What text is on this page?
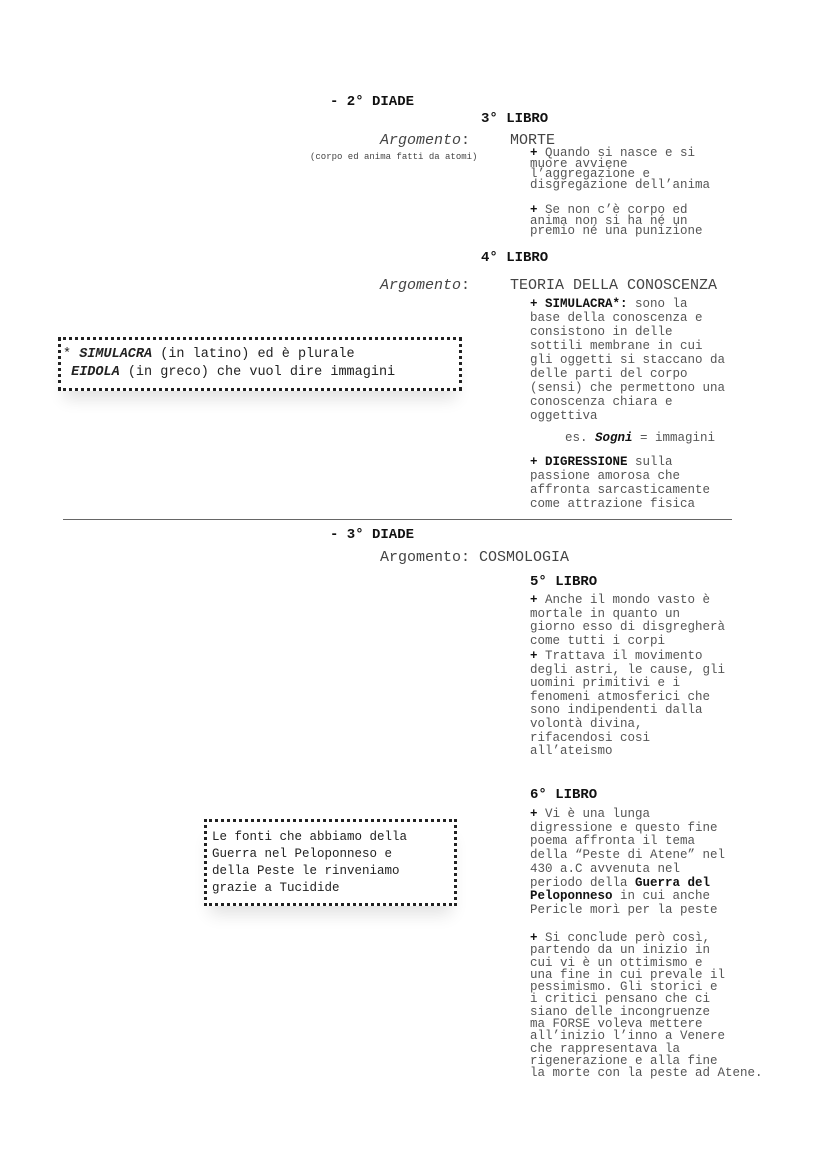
- 2° DIADE
3° LIBRO
Argomento:	MORTE
(corpo ed anima fatti da atomi)	+ Quando si nasce e si
muore avviene
l’aggregazione e
disgregazione dell’anima
+ Se non c’è corpo ed
anima non si ha né un
premio né una punizione
4° LIBRO
Argomento:	TEORIA DELLA CONOSCENZA
+ SIMULACRA*: sono la
base della conoscenza e
consistono in delle
sottili membrane in cui
gli oggetti si staccano da
delle parti del corpo
(sensi) che permettono una
conoscenza chiara e
oggettiva
es. Sogni = immagini
+ DIGRESSIONE sulla
passione amorosa che
affronta sarcasticamente
come attrazione fisica
* SIMULACRA (in latino) ed è plurale
EIDOLA (in greco) che vuol dire immagini
- 3° DIADE
Argomento: COSMOLOGIA
5° LIBRO
+ Anche il mondo vasto è
mortale in quanto un
giorno esso di disgregherà
come tutti i corpi
+ Trattava il movimento
degli astri, le cause, gli
uomini primitivi e i
fenomeni atmosferici che
sono indipendenti dalla
volontà divina,
rifacendosi cosi
all’ateismo
6° LIBRO
+ Vi è una lunga
digressione e questo fine
poema affronta il tema
della “Peste di Atene” nel
430 a.C avvenuta nel
periodo della Guerra del
Peloponneso in cui anche
Pericle morì per la peste
+ Si conclude però così,
partendo da un inizio in
cui vi è un ottimismo e
una fine in cui prevale il
pessimismo. Gli storici e
i critici pensano che ci
siano delle incongruenze
ma FORSE voleva mettere
all’inizio l’inno a Venere
che rappresentava la
rigenerazione e alla fine
la morte con la peste ad Atene.
Le fonti che abbiamo della
Guerra nel Peloponneso e
della Peste le rinveniamo
grazie a Tucidide
